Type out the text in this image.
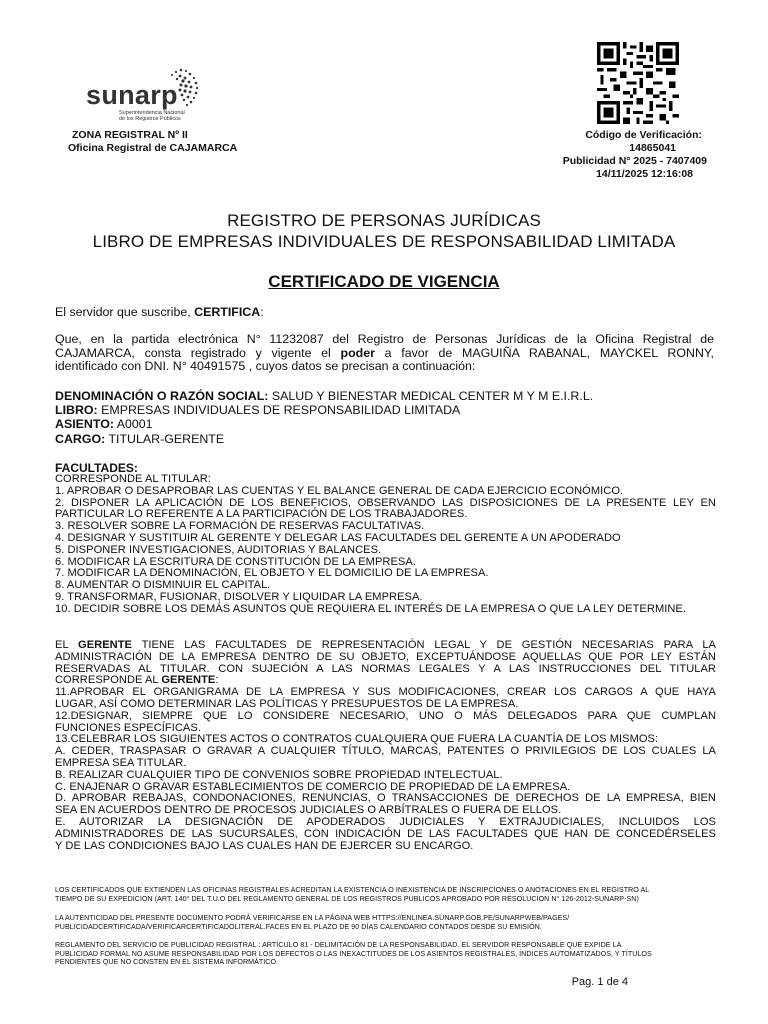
sunarp
Superintendencia Nacional
de los Registros Públicos
ZONA REGISTRAL Nº II
Oficina Registral de CAJAMARCA
Código de Verificación:
14865041
Publicidad N° 2025 - 7407409
14/11/2025 12:16:08
REGISTRO DE PERSONAS JURÍDICAS
LIBRO DE EMPRESAS INDIVIDUALES DE RESPONSABILIDAD LIMITADA
CERTIFICADO DE VIGENCIA
El servidor que suscribe, CERTIFICA:
Que, en la partida electrónica N° 11232087 del Registro de Personas Jurídicas de la Oficina Registral de
CAJAMARCA, consta registrado y vigente el poder a favor de MAGUIÑA RABANAL, MAYCKEL RONNY,
identificado con DNI. N° 40491575 , cuyos datos se precisan a continuación:
DENOMINACIÓN O RAZÓN SOCIAL: SALUD Y BIENESTAR MEDICAL CENTER M Y M E.I.R.L.
LIBRO: EMPRESAS INDIVIDUALES DE RESPONSABILIDAD LIMITADA
ASIENTO: A0001
CARGO: TITULAR-GERENTE
FACULTADES:
CORRESPONDE AL TITULAR:
1. APROBAR O DESAPROBAR LAS CUENTAS Y EL BALANCE GENERAL DE CADA EJERCICIO ECONÓMICO.
2. DISPONER LA APLICACIÓN DE LOS BENEFICIOS, OBSERVANDO LAS DISPOSICIONES DE LA PRESENTE LEY EN
PARTICULAR LO REFERENTE A LA PARTICIPACIÓN DE LOS TRABAJADORES.
3. RESOLVER SOBRE LA FORMACIÓN DE RESERVAS FACULTATIVAS.
4. DESIGNAR Y SUSTITUIR AL GERENTE Y DELEGAR LAS FACULTADES DEL GERENTE A UN APODERADO
5. DISPONER INVESTIGACIONES, AUDITORIAS Y BALANCES.
6. MODIFICAR LA ESCRITURA DE CONSTITUCIÓN DE LA EMPRESA.
7. MODIFICAR LA DENOMINACIÓN, EL OBJETO Y EL DOMICILIO DE LA EMPRESA.
8. AUMENTAR O DISMINUIR EL CAPITAL.
9. TRANSFORMAR, FUSIONAR, DISOLVER Y LIQUIDAR LA EMPRESA.
10. DECIDIR SOBRE LOS DEMÁS ASUNTOS QUE REQUIERA EL INTERÉS DE LA EMPRESA O QUE LA LEY DETERMINE.
EL GERENTE TIENE LAS FACULTADES DE REPRESENTACIÓN LEGAL Y DE GESTIÓN NECESARIAS PARA LA
ADMINISTRACIÓN DE LA EMPRESA DENTRO DE SU OBJETO, EXCEPTUÁNDOSE AQUELLAS QUE POR LEY ESTÁN
RESERVADAS AL TITULAR. CON SUJECIÓN A LAS NORMAS LEGALES Y A LAS INSTRUCCIONES DEL TITULAR
CORRESPONDE AL GERENTE:
11.APROBAR EL ORGANIGRAMA DE LA EMPRESA Y SUS MODIFICACIONES, CREAR LOS CARGOS A QUE HAYA
LUGAR, ASÍ COMO DETERMINAR LAS POLÍTICAS Y PRESUPUESTOS DE LA EMPRESA.
12.DESIGNAR, SIEMPRE QUE LO CONSIDERE NECESARIO, UNO O MÁS DELEGADOS PARA QUE CUMPLAN
FUNCIONES ESPECÍFICAS.
13.CELEBRAR LOS SIGUIENTES ACTOS O CONTRATOS CUALQUIERA QUE FUERA LA CUANTÍA DE LOS MISMOS:
A. CEDER, TRASPASAR O GRAVAR A CUALQUIER TÍTULO, MARCAS, PATENTES O PRIVILEGIOS DE LOS CUALES LA
EMPRESA SEA TITULAR.
B. REALIZAR CUALQUIER TIPO DE CONVENIOS SOBRE PROPIEDAD INTELECTUAL.
C. ENAJENAR O GRAVAR ESTABLECIMIENTOS DE COMERCIO DE PROPIEDAD DE LA EMPRESA.
D. APROBAR REBAJAS, CONDONACIONES, RENUNCIAS, O TRANSACCIONES DE DERECHOS DE LA EMPRESA, BIEN
SEA EN ACUERDOS DENTRO DE PROCESOS JUDICIALES O ARBÍTRALES O FUERA DE ELLOS.
E. AUTORIZAR LA DESIGNACIÓN DE APODERADOS JUDICIALES Y EXTRAJUDICIALES, INCLUIDOS LOS
ADMINISTRADORES DE LAS SUCURSALES, CON INDICACIÓN DE LAS FACULTADES QUE HAN DE CONCEDÉRSELES
Y DE LAS CONDICIONES BAJO LAS CUALES HAN DE EJERCER SU ENCARGO.
LOS CERTIFICADOS QUE EXTIENDEN LAS OFICINAS REGISTRALES ACREDITAN LA EXISTENCIA O INEXISTENCIA DE INSCRIPCIONES O ANOTACIONES EN EL REGISTRO AL
TIEMPO DE SU EXPEDICION (ART. 140° DEL T.U.O DEL REGLAMENTO GENERAL DE LOS REGISTROS PUBLICOS APROBADO POR RESOLUCION N° 126-2012-SUNARP-SN)
LA AUTENTICIDAD DEL PRESENTE DOCUMENTO PODRÁ VERIFICARSE EN LA PÁGINA WEB HTTPS://ENLINEA.SUNARP.GOB.PE/SUNARPWEB/PAGES/
PUBLICIDADCERTIFICADA/VERIFICARCERTIFICADOLITERAL.FACES EN EL PLAZO DE 90 DÍAS CALENDARIO CONTADOS DESDE SU EMISIÓN.
REGLAMENTO DEL SERVICIO DE PUBLICIDAD REGISTRAL : ARTÍCULO 81 - DELIMITACIÓN DE LA RESPONSABILIDAD. EL SERVIDOR RESPONSABLE QUE EXPIDE LA
PUBLICIDAD FORMAL NO ASUME RESPONSABILIDAD POR LOS DEFECTOS O LAS INEXACTITUDES DE LOS ASIENTOS REGISTRALES, ÍNDICES AUTOMATIZADOS, Y TÍTULOS
PENDIENTES QUE NO CONSTEN EN EL SISTEMA INFORMÁTICO.
Pag. 1 de 4
